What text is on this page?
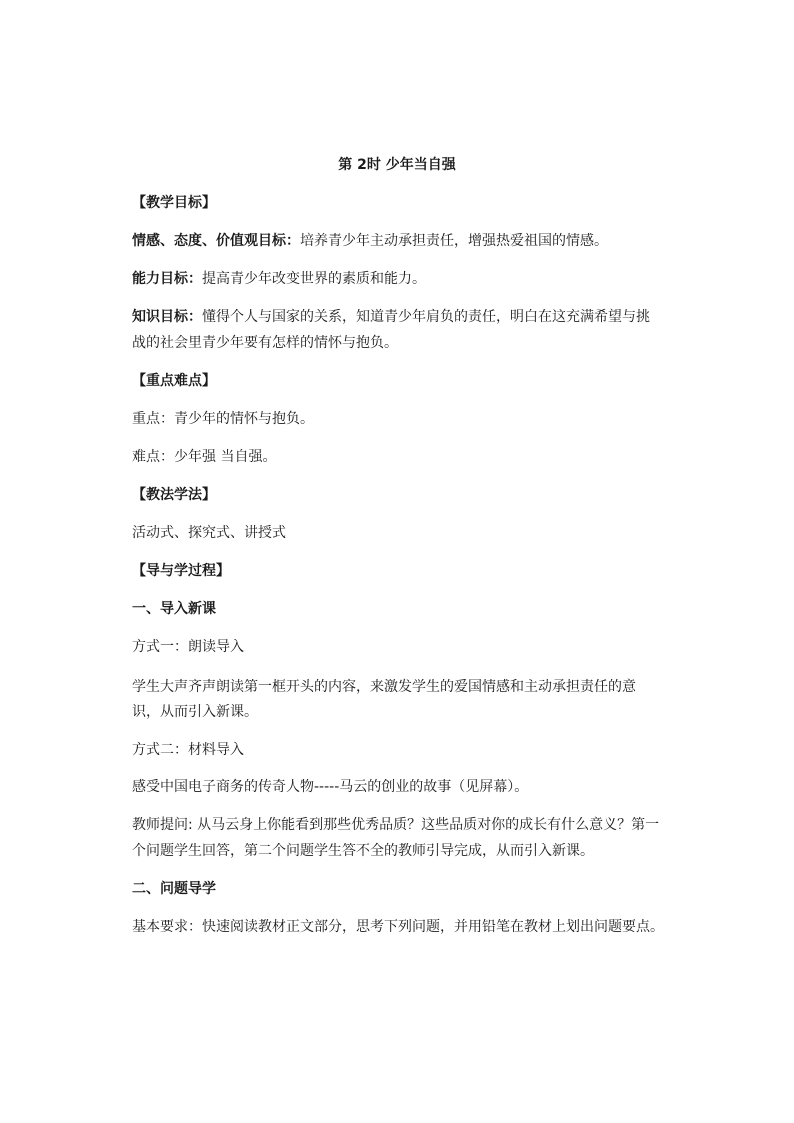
第 2时 少年当自强
【教学目标】
情感、态度、价值观目标：培养青少年主动承担责任，增强热爱祖国的情感。
能力目标：提高青少年改变世界的素质和能力。
知识目标：懂得个人与国家的关系，知道青少年肩负的责任，明白在这充满希望与挑
战的社会里青少年要有怎样的情怀与抱负。
【重点难点】
重点：青少年的情怀与抱负。
难点：少年强 当自强。
【教法学法】
活动式、探究式、讲授式
【导与学过程】
一、导入新课
方式一：朗读导入
学生大声齐声朗读第一框开头的内容，来激发学生的爱国情感和主动承担责任的意
识，从而引入新课。
方式二：材料导入
感受中国电子商务的传奇人物-----马云的创业的故事（见屏幕）。
教师提问: 从马云身上你能看到那些优秀品质？这些品质对你的成长有什么意义？第一
个问题学生回答，第二个问题学生答不全的教师引导完成，从而引入新课。
二、问题导学
基本要求：快速阅读教材正文部分，思考下列问题，并用铅笔在教材上划出问题要点。
